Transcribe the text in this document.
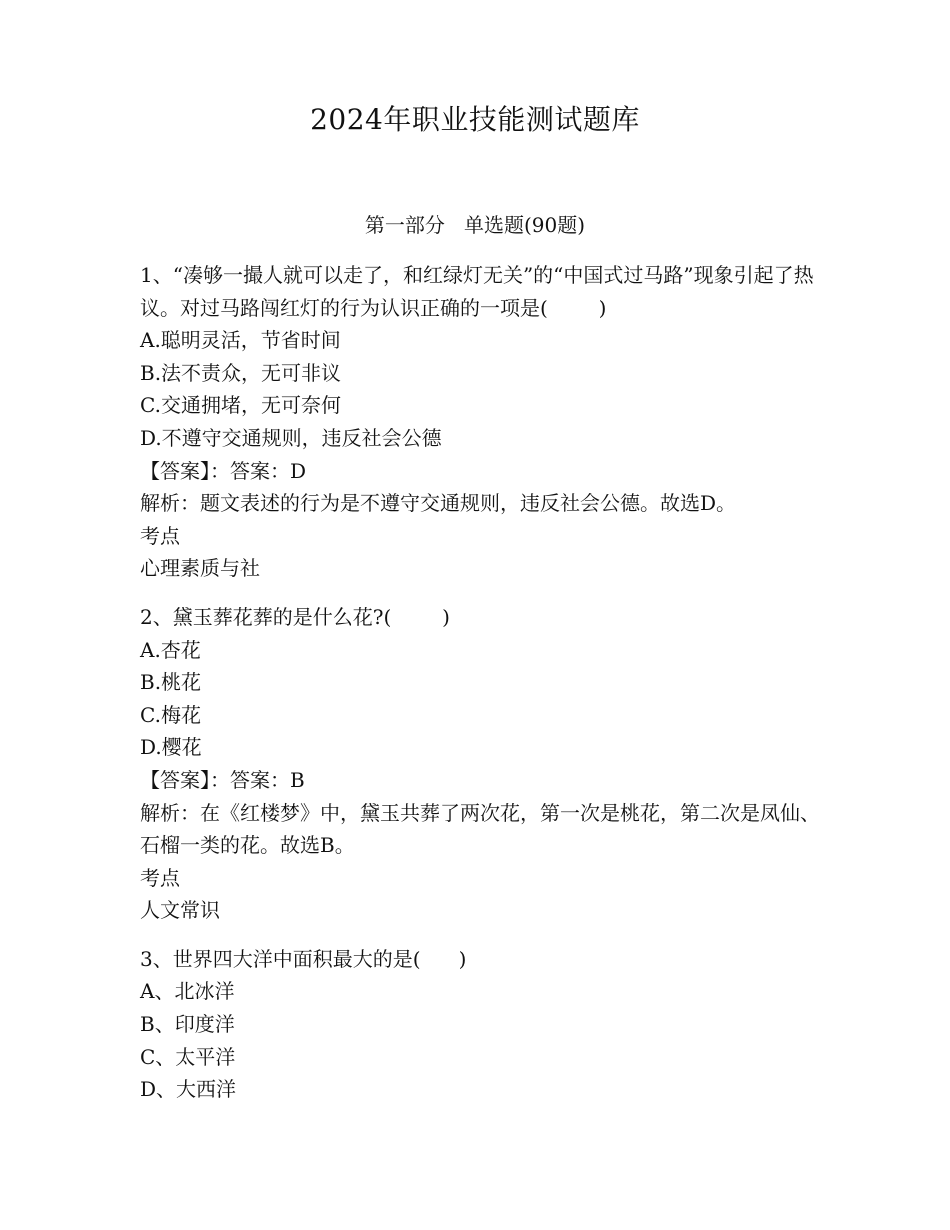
2024年职业技能测试题库
第一部分   单选题(90题)
1、“凑够一撮人就可以走了，和红绿灯无关”的“中国式过马路”现象引起了热议。对过马路闯红灯的行为认识正确的一项是(        )
A.聪明灵活，节省时间
B.法不责众，无可非议
C.交通拥堵，无可奈何
D.不遵守交通规则，违反社会公德
【答案】：答案：D
解析：题文表述的行为是不遵守交通规则，违反社会公德。故选D。
考点
心理素质与社
2、黛玉葬花葬的是什么花?(        )
A.杏花
B.桃花
C.梅花
D.樱花
【答案】：答案：B
解析：在《红楼梦》中，黛玉共葬了两次花，第一次是桃花，第二次是凤仙、石榴一类的花。故选B。
考点
人文常识
3、世界四大洋中面积最大的是(      )
A、北冰洋
B、印度洋
C、太平洋
D、大西洋
